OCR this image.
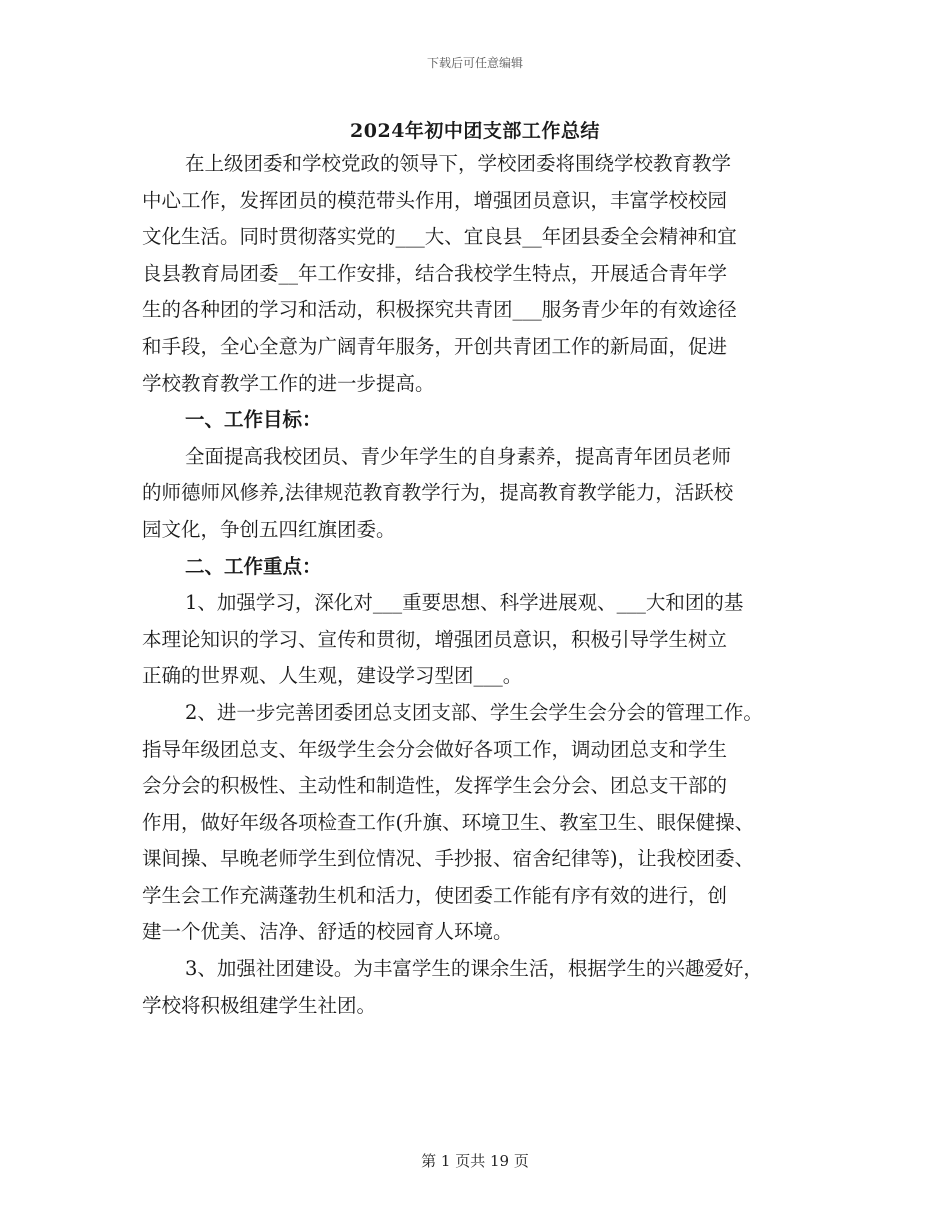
下载后可任意编辑
2024年初中团支部工作总结
在上级团委和学校党政的领导下，学校团委将围绕学校教育教学
中心工作，发挥团员的模范带头作用，增强团员意识，丰富学校校园
文化生活。同时贯彻落实党的___大、宜良县__年团县委全会精神和宜
良县教育局团委__年工作安排，结合我校学生特点，开展适合青年学
生的各种团的学习和活动，积极探究共青团___服务青少年的有效途径
和手段，全心全意为广阔青年服务，开创共青团工作的新局面，促进
学校教育教学工作的进一步提高。
一、工作目标：
全面提高我校团员、青少年学生的自身素养，提高青年团员老师
的师德师风修养,法律规范教育教学行为，提高教育教学能力，活跃校
园文化，争创五四红旗团委。
二、工作重点：
1、加强学习，深化对___重要思想、科学进展观、___大和团的基
本理论知识的学习、宣传和贯彻，增强团员意识，积极引导学生树立
正确的世界观、人生观，建设学习型团___。
2、进一步完善团委团总支团支部、学生会学生会分会的管理工作。
指导年级团总支、年级学生会分会做好各项工作，调动团总支和学生
会分会的积极性、主动性和制造性，发挥学生会分会、团总支干部的
作用，做好年级各项检查工作(升旗、环境卫生、教室卫生、眼保健操、
课间操、早晚老师学生到位情况、手抄报、宿舍纪律等)，让我校团委、
学生会工作充满蓬勃生机和活力，使团委工作能有序有效的进行，创
建一个优美、洁净、舒适的校园育人环境。
3、加强社团建设。为丰富学生的课余生活，根据学生的兴趣爱好，
学校将积极组建学生社团。
第 1 页共 19 页
